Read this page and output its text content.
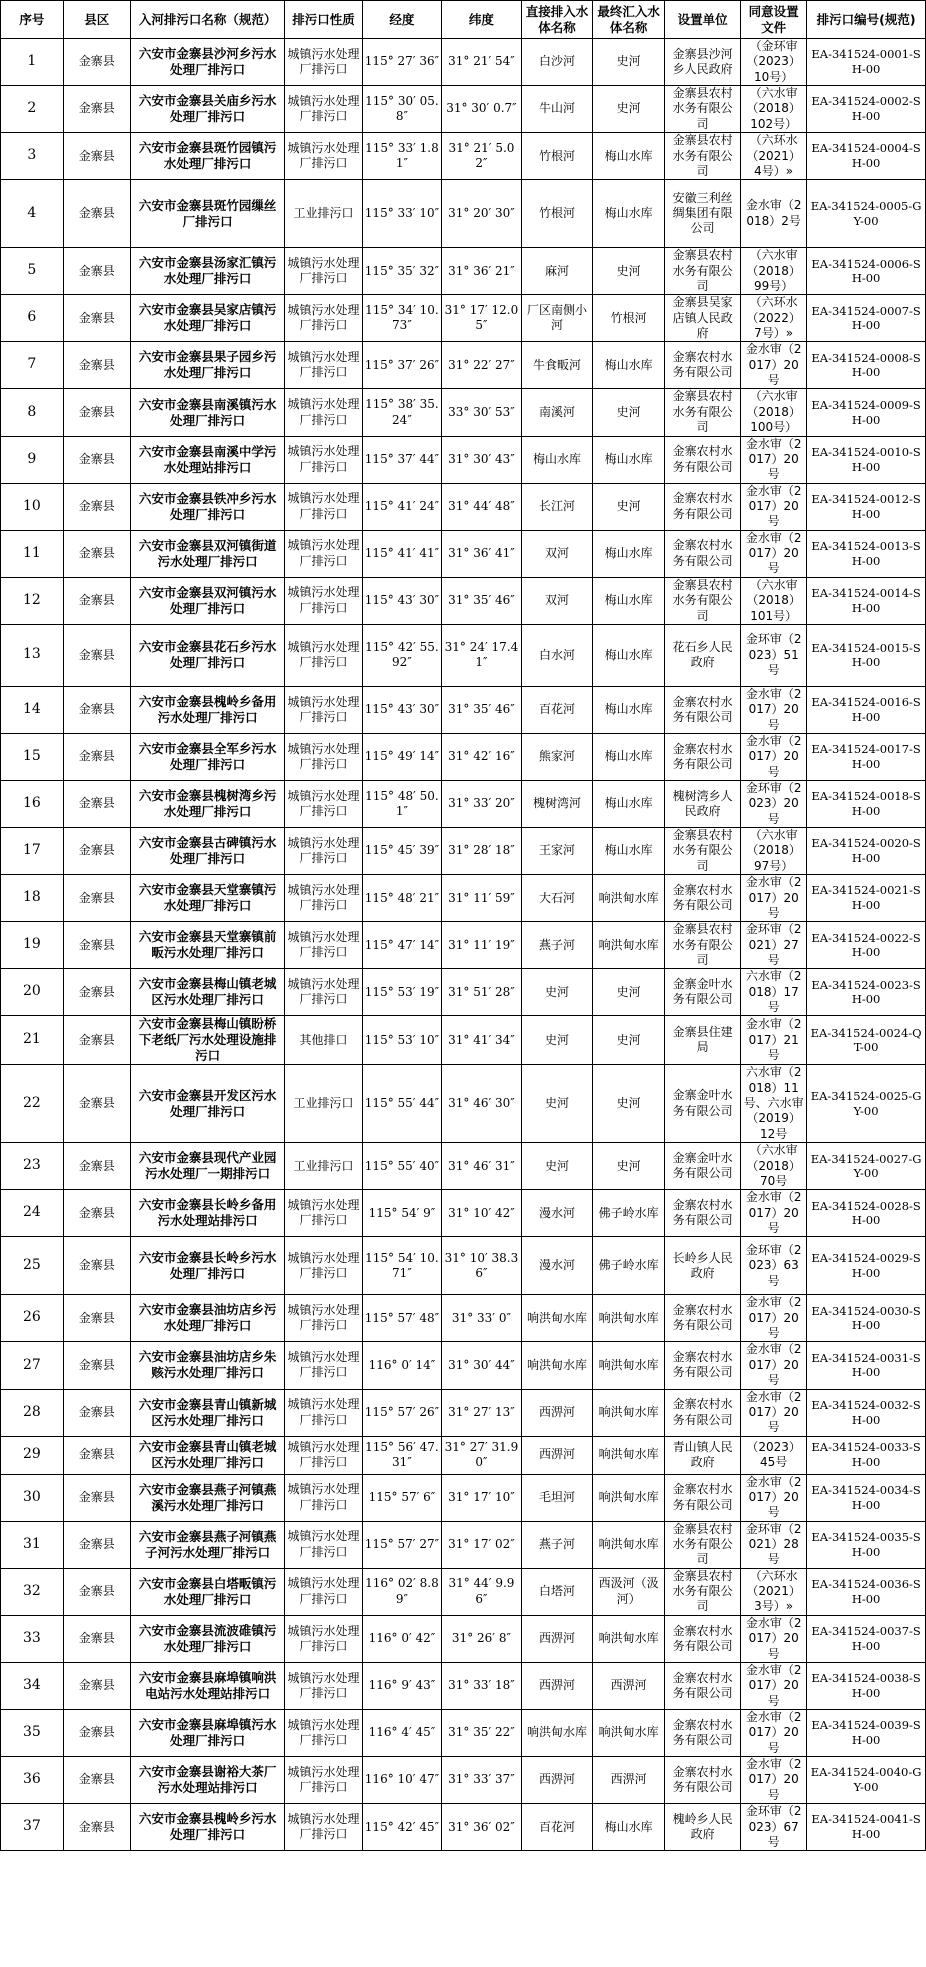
序号	县区	入河排污口名称（规范）	排污口性质	经度	纬度	直接排入水体名称	最终汇入水体名称	设置单位	同意设置文件	排污口编号(规范)
1	金寨县	六安市金寨县沙河乡污水处理厂排污口	城镇污水处理厂排污口	115° 27′ 36″	31° 21′ 54″	白沙河	史河	金寨县沙河乡人民政府	（金环审（2023）10号）	EA-341524-0001-SH-00
2	金寨县	六安市金寨县关庙乡污水处理厂排污口	城镇污水处理厂排污口	115° 30′ 05.8″	31° 30′ 0.7″	牛山河	史河	金寨县农村水务有限公司	（六水审（2018）102号）	EA-341524-0002-SH-00
3	金寨县	六安市金寨县斑竹园镇污水处理厂排污口	城镇污水处理厂排污口	115° 33′ 1.81″	31° 21′ 5.02″	竹根河	梅山水库	金寨县农村水务有限公司	（六环水（2021）4号）»	EA-341524-0004-SH-00
4	金寨县	六安市金寨县斑竹园缫丝厂排污口	工业排污口	115° 33′ 10″	31° 20′ 30″	竹根河	梅山水库	安徽三利丝绸集团有限公司	金水审（2018）2号	EA-341524-0005-GY-00
5	金寨县	六安市金寨县汤家汇镇污水处理厂排污口	城镇污水处理厂排污口	115° 35′ 32″	31° 36′ 21″	麻河	史河	金寨县农村水务有限公司	（六水审（2018）99号）	EA-341524-0006-SH-00
6	金寨县	六安市金寨县吴家店镇污水处理厂排污口	城镇污水处理厂排污口	115° 34′ 10.73″	31° 17′ 12.05″	厂区南侧小河	竹根河	金寨县吴家店镇人民政府	（六环水（2022）7号）»	EA-341524-0007-SH-00
7	金寨县	六安市金寨县果子园乡污水处理厂排污口	城镇污水处理厂排污口	115° 37′ 26″	31° 22′ 27″	牛食畈河	梅山水库	金寨农村水务有限公司	金水审（2017）20号	EA-341524-0008-SH-00
8	金寨县	六安市金寨县南溪镇污水处理厂排污口	城镇污水处理厂排污口	115° 38′ 35.24″	33° 30′ 53″	南溪河	史河	金寨县农村水务有限公司	（六水审（2018）100号）	EA-341524-0009-SH-00
9	金寨县	六安市金寨县南溪中学污水处理站排污口	城镇污水处理厂排污口	115° 37′ 44″	31° 30′ 43″	梅山水库	梅山水库	金寨农村水务有限公司	金水审（2017）20号	EA-341524-0010-SH-00
10	金寨县	六安市金寨县铁冲乡污水处理厂排污口	城镇污水处理厂排污口	115° 41′ 24″	31° 44′ 48″	长江河	史河	金寨农村水务有限公司	金水审（2017）20号	EA-341524-0012-SH-00
11	金寨县	六安市金寨县双河镇街道污水处理厂排污口	城镇污水处理厂排污口	115° 41′ 41″	31° 36′ 41″	双河	梅山水库	金寨农村水务有限公司	金水审（2017）20号	EA-341524-0013-SH-00
12	金寨县	六安市金寨县双河镇污水处理厂排污口	城镇污水处理厂排污口	115° 43′ 30″	31° 35′ 46″	双河	梅山水库	金寨县农村水务有限公司	（六水审（2018）101号）	EA-341524-0014-SH-00
13	金寨县	六安市金寨县花石乡污水处理厂排污口	城镇污水处理厂排污口	115° 42′ 55.92″	31° 24′ 17.41″	白水河	梅山水库	花石乡人民政府	金环审（2023）51号	EA-341524-0015-SH-00
14	金寨县	六安市金寨县槐岭乡备用污水处理厂排污口	城镇污水处理厂排污口	115° 43′ 30″	31° 35′ 46″	百花河	梅山水库	金寨农村水务有限公司	金水审（2017）20号	EA-341524-0016-SH-00
15	金寨县	六安市金寨县全军乡污水处理厂排污口	城镇污水处理厂排污口	115° 49′ 14″	31° 42′ 16″	熊家河	梅山水库	金寨农村水务有限公司	金水审（2017）20号	EA-341524-0017-SH-00
16	金寨县	六安市金寨县槐树湾乡污水处理厂排污口	城镇污水处理厂排污口	115° 48′ 50.1″	31° 33′ 20″	槐树湾河	梅山水库	槐树湾乡人民政府	金环审（2023）20号	EA-341524-0018-SH-00
17	金寨县	六安市金寨县古碑镇污水处理厂排污口	城镇污水处理厂排污口	115° 45′ 39″	31° 28′ 18″	王家河	梅山水库	金寨县农村水务有限公司	（六水审（2018）97号）	EA-341524-0020-SH-00
18	金寨县	六安市金寨县天堂寨镇污水处理厂排污口	城镇污水处理厂排污口	115° 48′ 21″	31° 11′ 59″	大石河	响洪甸水库	金寨农村水务有限公司	金水审（2017）20号	EA-341524-0021-SH-00
19	金寨县	六安市金寨县天堂寨镇前畈污水处理厂排污口	城镇污水处理厂排污口	115° 47′ 14″	31° 11′ 19″	燕子河	响洪甸水库	金寨县农村水务有限公司	金环审（2021）27号	EA-341524-0022-SH-00
20	金寨县	六安市金寨县梅山镇老城区污水处理厂排污口	城镇污水处理厂排污口	115° 53′ 19″	31° 51′ 28″	史河	史河	金寨金叶水务有限公司	六水审（2018）17号	EA-341524-0023-SH-00
21	金寨县	六安市金寨县梅山镇盼桥下老纸厂污水处理设施排污口	其他排口	115° 53′ 10″	31° 41′ 34″	史河	史河	金寨县住建局	金水审（2017）21号	EA-341524-0024-QT-00
22	金寨县	六安市金寨县开发区污水处理厂排污口	工业排污口	115° 55′ 44″	31° 46′ 30″	史河	史河	金寨金叶水务有限公司	六水审（2018）11号、六水审（2019）12号	EA-341524-0025-GY-00
23	金寨县	六安市金寨县现代产业园污水处理厂一期排污口	工业排污口	115° 55′ 40″	31° 46′ 31″	史河	史河	金寨金叶水务有限公司	（六水审（2018）70号	EA-341524-0027-GY-00
24	金寨县	六安市金寨县长岭乡备用污水处理站排污口	城镇污水处理厂排污口	115° 54′ 9″	31° 10′ 42″	漫水河	佛子岭水库	金寨农村水务有限公司	金水审（2017）20号	EA-341524-0028-SH-00
25	金寨县	六安市金寨县长岭乡污水处理厂排污口	城镇污水处理厂排污口	115° 54′ 10.71″	31° 10′ 38.36″	漫水河	佛子岭水库	长岭乡人民政府	金环审（2023）63号	EA-341524-0029-SH-00
26	金寨县	六安市金寨县油坊店乡污水处理厂排污口	城镇污水处理厂排污口	115° 57′ 48″	31° 33′ 0″	响洪甸水库	响洪甸水库	金寨农村水务有限公司	金水审（2017）20号	EA-341524-0030-SH-00
27	金寨县	六安市金寨县油坊店乡朱赅污水处理厂排污口	城镇污水处理厂排污口	116° 0′ 14″	31° 30′ 44″	响洪甸水库	响洪甸水库	金寨农村水务有限公司	金水审（2017）20号	EA-341524-0031-SH-00
28	金寨县	六安市金寨县青山镇新城区污水处理厂排污口	城镇污水处理厂排污口	115° 57′ 26″	31° 27′ 13″	西淠河	响洪甸水库	金寨农村水务有限公司	金水审（2017）20号	EA-341524-0032-SH-00
29	金寨县	六安市金寨县青山镇老城区污水处理厂排污口	城镇污水处理厂排污口	115° 56′ 47.31″	31° 27′ 31.90″	西淠河	响洪甸水库	青山镇人民政府	（2023）45号	EA-341524-0033-SH-00
30	金寨县	六安市金寨县燕子河镇燕溪污水处理厂排污口	城镇污水处理厂排污口	115° 57′ 6″	31° 17′ 10″	毛坦河	响洪甸水库	金寨农村水务有限公司	金水审（2017）20号	EA-341524-0034-SH-00
31	金寨县	六安市金寨县燕子河镇燕子河污水处理厂排污口	城镇污水处理厂排污口	115° 57′ 27″	31° 17′ 02″	燕子河	响洪甸水库	金寨县农村水务有限公司	金环审（2021）28号	EA-341524-0035-SH-00
32	金寨县	六安市金寨县白塔畈镇污水处理厂排污口	城镇污水处理厂排污口	116° 02′ 8.89″	31° 44′ 9.96″	白塔河	西汲河（汲河）	金寨县农村水务有限公司	（六环水（2021）3号）»	EA-341524-0036-SH-00
33	金寨县	六安市金寨县流波碓镇污水处理厂排污口	城镇污水处理厂排污口	116° 0′ 42″	31° 26′ 8″	西淠河	响洪甸水库	金寨农村水务有限公司	金水审（2017）20号	EA-341524-0037-SH-00
34	金寨县	六安市金寨县麻埠镇响洪电站污水处理站排污口	城镇污水处理厂排污口	116° 9′ 43″	31° 33′ 18″	西淠河	西淠河	金寨农村水务有限公司	金水审（2017）20号	EA-341524-0038-SH-00
35	金寨县	六安市金寨县麻埠镇污水处理厂排污口	城镇污水处理厂排污口	116° 4′ 45″	31° 35′ 22″	响洪甸水库	响洪甸水库	金寨农村水务有限公司	金水审（2017）20号	EA-341524-0039-SH-00
36	金寨县	六安市金寨县谢裕大茶厂污水处理站排污口	城镇污水处理厂排污口	116° 10′ 47″	31° 33′ 37″	西淠河	西淠河	金寨农村水务有限公司	金水审（2017）20号	EA-341524-0040-GY-00
37	金寨县	六安市金寨县槐岭乡污水处理厂排污口	城镇污水处理厂排污口	115° 42′ 45″	31° 36′ 02″	百花河	梅山水库	槐岭乡人民政府	金环审（2023）67号	EA-341524-0041-SH-00
